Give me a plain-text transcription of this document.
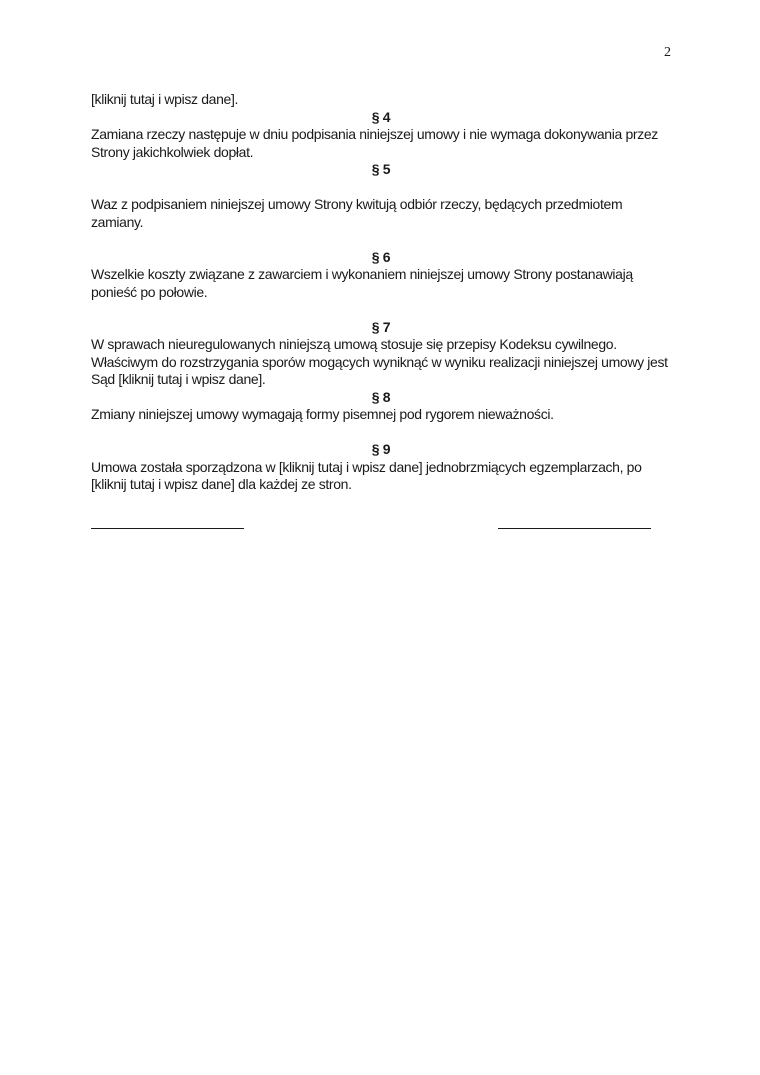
2

[kliknij tutaj i wpisz dane].

§ 4

Zamiana rzeczy następuje w dniu podpisania niniejszej umowy i nie wymaga dokonywania przez Strony jakichkolwiek dopłat.

§ 5

Waz z podpisaniem niniejszej umowy Strony kwitują odbiór rzeczy, będących przedmiotem zamiany.

§ 6

Wszelkie koszty związane z zawarciem i wykonaniem niniejszej umowy Strony postanawiają ponieść po połowie.

§ 7

W sprawach nieuregulowanych niniejszą umową stosuje się przepisy Kodeksu cywilnego. Właściwym do rozstrzygania sporów mogących wyniknąć w wyniku realizacji niniejszej umowy jest Sąd [kliknij tutaj i wpisz dane].

§ 8

Zmiany niniejszej umowy wymagają formy pisemnej pod rygorem nieważności.

§ 9

Umowa została sporządzona w [kliknij tutaj i wpisz dane] jednobrzmiących egzemplarzach, po     [kliknij tutaj i wpisz dane] dla każdej ze stron.
